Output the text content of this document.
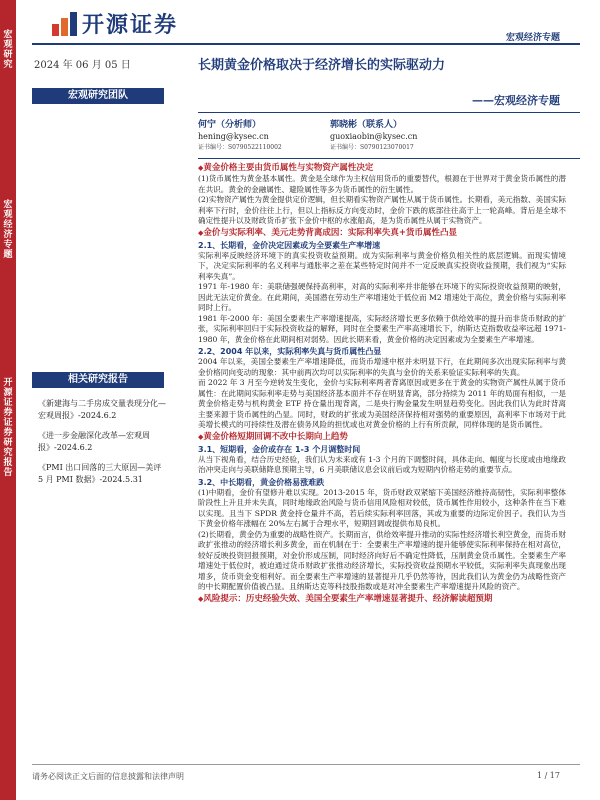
宏观研究
宏观经济专题
开源证券 证券研究报告
开源证券	宏观经济专题
2024 年 06 月 05 日	长期黄金价格取决于经济增长的实际驱动力
宏观研究团队	——宏观经济专题
何宁（分析师）
hening@kysec.cn
证书编号：S0790522110002
郭晓彬（联系人）
guoxiaobin@kysec.cn
证书编号：S0790123070017
相关研究报告
《新建海与二手房成交量表现分化—宏观周报》-2024.6.2
《进一步金融深化改革—宏观周报》-2024.6.2
《PMI 出口回落的三大原因—美评 5 月 PMI 数据》-2024.5.31
◆ 黄金价格主要由货币属性与实物资产属性决定
(1)货币属性为黄金基本属性。黄金是全球作为主权信用货币的重要替代，根源在于世界对于黄金货币属性的潜在共识。黄金的金融属性、避险属性等多为货币属性的衍生属性。
(2)实物资产属性为黄金提供定价逻辑，但长期看实物资产属性从属于货币属性。长期看，美元指数、美国实际利率下行时，金价往往上行，但以上指标反方向变动时，金价下跌的底部往往高于上一轮高峰。背后是全球不确定性提升以及财政货币扩张下金价中枢的水涨船高，是为货币属性从属于实物资产。
◆ 金价与实际利率、美元走势背离成因：实际利率失真+货币属性凸显
2.1、长期看，金价决定因素或为全要素生产率增速
实际利率反映经济环境下的真实投资收益预期。成为实际利率与黄金价格负相关性的底层逻辑。而现实情境下，决定实际利率的名义利率与通胀率之差在某些特定时间并不一定反映真实投资收益预期，我们视为“实际利率失真”。
1971 年-1980 年：美联储强硬保持高利率，对高的实际利率并非能够在环境下的实际投资收益预期的映射，因此无法定价黄金。在此期间，美国潜在劳动生产率增速处于低位而 M2 增速处于高位，黄金价格与实际利率同时上行。
1981 年-2000 年：美国全要素生产率增速提高，实际经济增长更多依赖于供给效率的提升而非货币财政的扩张，实际利率回归于实际投资收益的解释，同时在全要素生产率高速增长下，纳斯达克指数收益率远超 1971-1980 年，黄金价格在此期间相对弱势。因此长期来看，黄金价格的决定因素或为全要素生产率增速。
2.2、2004 年以来，实际利率失真与货币属性凸显
2004 年以来，美国全要素生产率增速降低，而货币增速中枢并未明显下行，在此期间多次出现实际利率与黄金价格同向变动的现象：其中前两次均可以实际利率的失真与金价的关系来验证实际利率的失真。
而 2022 年 3 月至今逆转发生变化，金价与实际利率两者背离原因或更多在于黄金的实物资产属性从属于货币属性：在此期间实际利率走势与美国经济基本面并不存在明显背离，部分持续为 2011 年的局面有相似，一是黄金价格走势与机构黄金 ETF 持仓量出现背离，二是央行购金量发生明显趋势变化。因此我们认为此时背离主要来源于货币属性的凸显。同时，财政的扩张或为美国经济保持相对强势的重要原因，高利率下市场对于此美增长模式的可持续性及潜在债务风险的担忧或也对黄金价格的上行有所贡献，同样体现的是货币属性。
◆ 黄金价格短期回调不改中长期向上趋势
3.1、短期看，金价或存在 1-3 个月调整时间
从当下视角看，结合历史经验，我们认为未来或有 1-3 个月的下调整时间，具体走向、幅度与长度或由地缘政治冲突走向与美联储降息预期主导，6 月美联储议息会议前后或为短期内价格走势的重要节点。
3.2、中长期看，黄金价格易涨难跌
(1)中期看，金价有望修升难以实现。2013-2015 年，货币财政双紧缩下美国经济维持高韧性，实际利率整体阶段性上升且并未失真，同时地缘政治风险与货币信用风险相对较低，货币属性作用较小，这种条件在当下难以实现。且当下 SPDR 黄金持仓量并不高，若后续实际利率回落，其或为重要的边际定价因子。我们认为当下黄金价格年涨幅在 20%左右属于合理水平，短期回调或提供布局良机。
(2)长期看，黄金仍为重要的战略性资产。长期而言，供给效率提升推动的实际性经济增长利空黄金，而货币财政扩张推动的经济增长利多黄金，而在机制在于：全要素生产率增速的提升能够使实际利率保持在相对高位，较好反映投资回报预期，对金价形成压制，同时经济向好后不确定性降低，压制黄金货币属性。全要素生产率增速处于低位时，被迫通过货币财政扩张推动经济增长，实际投资收益预期水平较低，实际利率失真现象出现增多，货币资金变相利好。而全要素生产率增速的显著提升几乎仍然等待，因此我们认为黄金仍为战略性资产的中长期配置价值被凸显。且纳斯达克等科技股指数或是对冲全要素生产率增速提升风险的资产。
◆ 风险提示：历史经验失效、美国全要素生产率增速显著提升、经济解读超预期
请务必阅读正文后面的信息披露和法律声明	1 / 17
